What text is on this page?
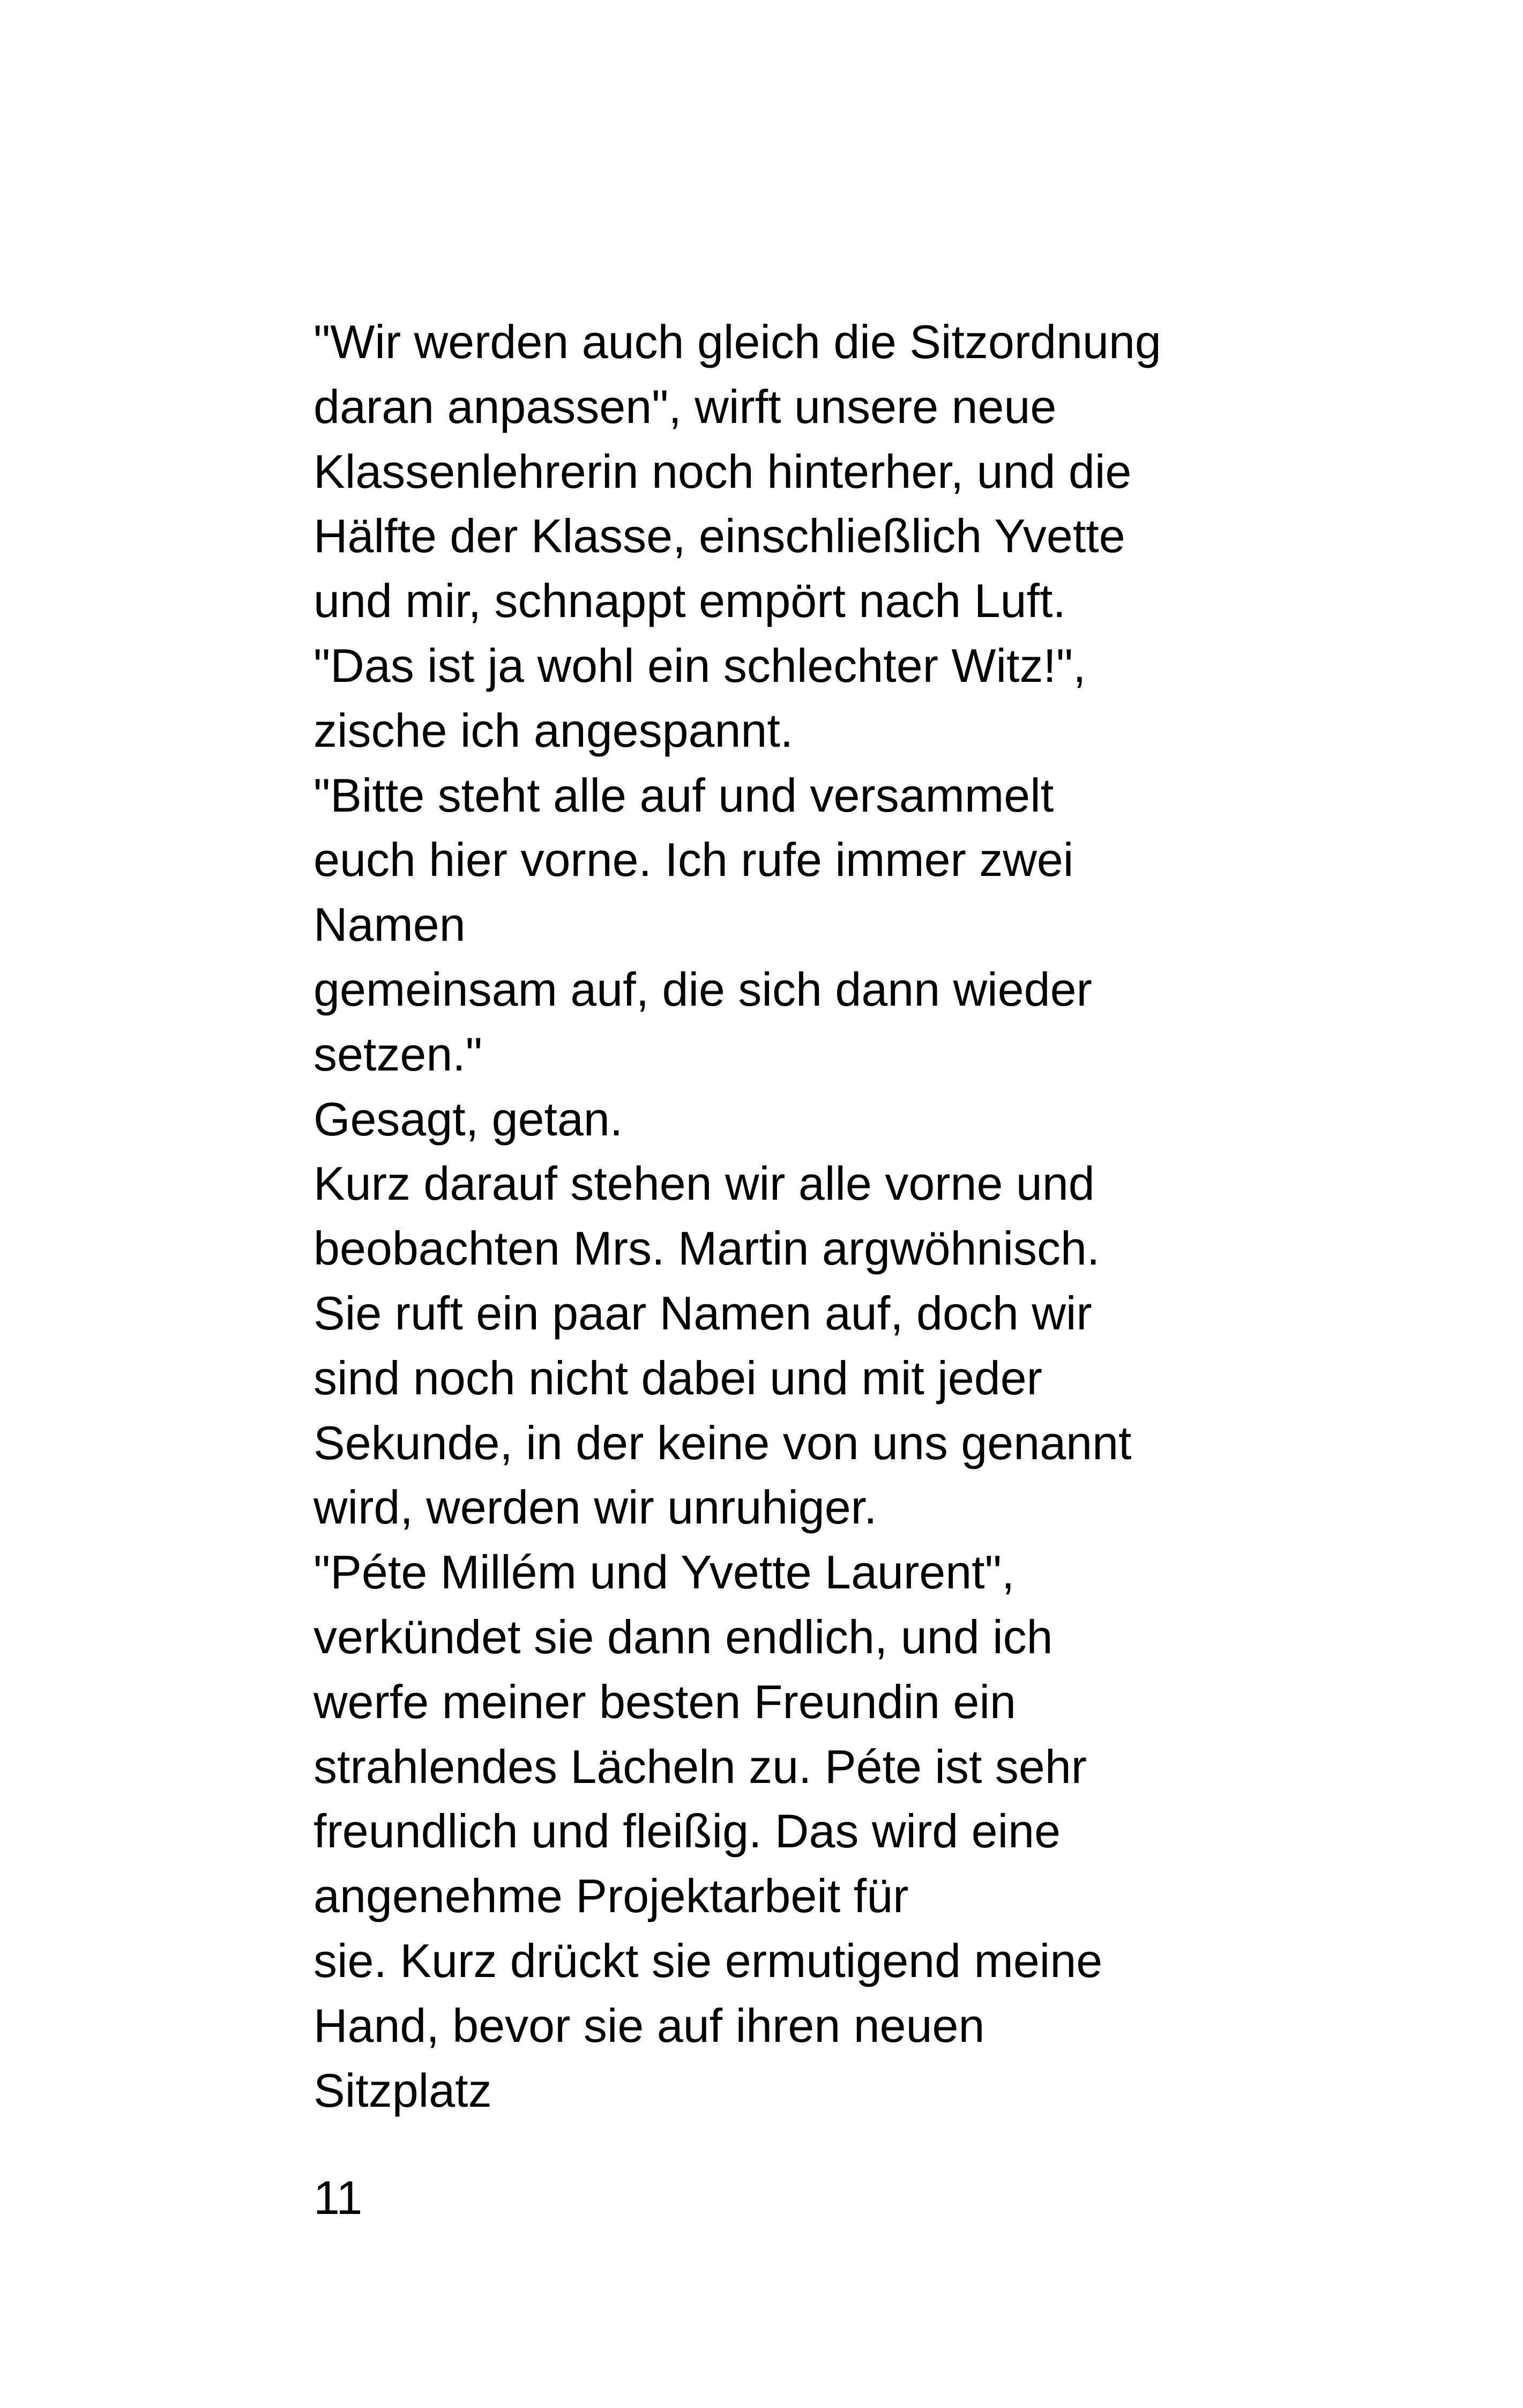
"Wir werden auch gleich die Sitzordnung
daran anpassen", wirft unsere neue
Klassenlehrerin noch hinterher, und die
Hälfte der Klasse, einschließlich Yvette
und mir, schnappt empört nach Luft.
"Das ist ja wohl ein schlechter Witz!",
zische ich angespannt.
"Bitte steht alle auf und versammelt
euch hier vorne. Ich rufe immer zwei
Namen
gemeinsam auf, die sich dann wieder
setzen."
Gesagt, getan.
Kurz darauf stehen wir alle vorne und
beobachten Mrs. Martin argwöhnisch.
Sie ruft ein paar Namen auf, doch wir
sind noch nicht dabei und mit jeder
Sekunde, in der keine von uns genannt
wird, werden wir unruhiger.
"Péte Millém und Yvette Laurent",
verkündet sie dann endlich, und ich
werfe meiner besten Freundin ein
strahlendes Lächeln zu. Péte ist sehr
freundlich und fleißig. Das wird eine
angenehme Projektarbeit für
sie. Kurz drückt sie ermutigend meine
Hand, bevor sie auf ihren neuen
Sitzplatz
11
